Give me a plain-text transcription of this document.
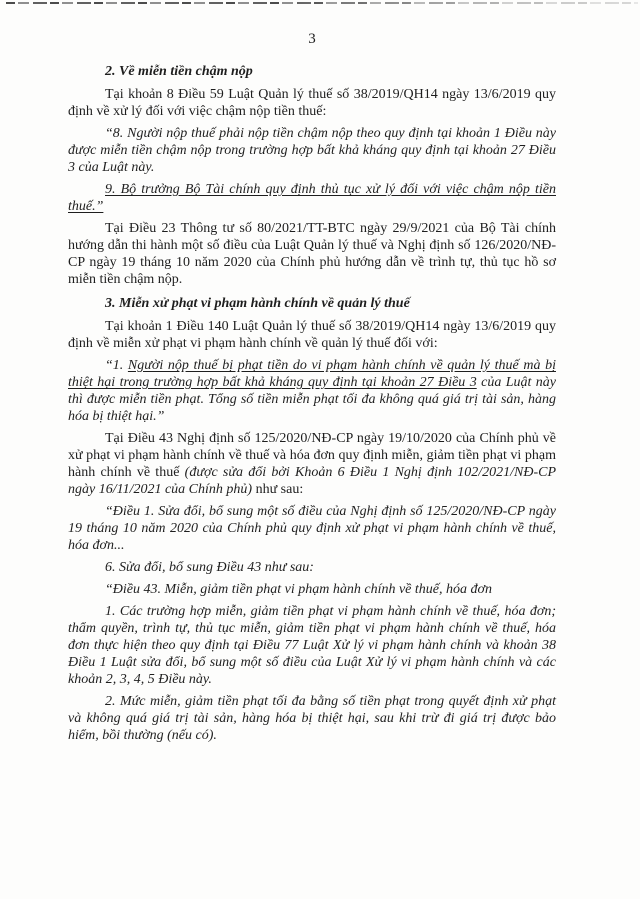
3

2. Về miễn tiền chậm nộp

Tại khoản 8 Điều 59 Luật Quản lý thuế số 38/2019/QH14 ngày 13/6/2019 quy định về xử lý đối với việc chậm nộp tiền thuế:

“8. Người nộp thuế phải nộp tiền chậm nộp theo quy định tại khoản 1 Điều này được miễn tiền chậm nộp trong trường hợp bất khả kháng quy định tại khoản 27 Điều 3 của Luật này.

9. Bộ trưởng Bộ Tài chính quy định thủ tục xử lý đối với việc chậm nộp tiền thuế.”

Tại Điều 23 Thông tư số 80/2021/TT-BTC ngày 29/9/2021 của Bộ Tài chính hướng dẫn thi hành một số điều của Luật Quản lý thuế và Nghị định số 126/2020/NĐ-CP ngày 19 tháng 10 năm 2020 của Chính phủ hướng dẫn về trình tự, thủ tục hồ sơ miễn tiền chậm nộp.

3. Miễn xử phạt vi phạm hành chính về quản lý thuế

Tại khoản 1 Điều 140 Luật Quản lý thuế số 38/2019/QH14 ngày 13/6/2019 quy định về miễn xử phạt vi phạm hành chính về quản lý thuế đối với:

“1. Người nộp thuế bị phạt tiền do vi phạm hành chính về quản lý thuế mà bị thiệt hại trong trường hợp bất khả kháng quy định tại khoản 27 Điều 3 của Luật này thì được miễn tiền phạt. Tổng số tiền miễn phạt tối đa không quá giá trị tài sản, hàng hóa bị thiệt hại.”

Tại Điều 43 Nghị định số 125/2020/NĐ-CP ngày 19/10/2020 của Chính phủ về xử phạt vi phạm hành chính về thuế và hóa đơn quy định miễn, giảm tiền phạt vi phạm hành chính về thuế (được sửa đổi bởi Khoản 6 Điều 1 Nghị định 102/2021/NĐ-CP ngày 16/11/2021 của Chính phủ) như sau:

“Điều 1. Sửa đổi, bổ sung một số điều của Nghị định số 125/2020/NĐ-CP ngày 19 tháng 10 năm 2020 của Chính phủ quy định xử phạt vi phạm hành chính về thuế, hóa đơn...

6. Sửa đổi, bổ sung Điều 43 như sau:

“Điều 43. Miễn, giảm tiền phạt vi phạm hành chính về thuế, hóa đơn

1. Các trường hợp miễn, giảm tiền phạt vi phạm hành chính về thuế, hóa đơn; thẩm quyền, trình tự, thủ tục miễn, giảm tiền phạt vi phạm hành chính về thuế, hóa đơn thực hiện theo quy định tại Điều 77 Luật Xử lý vi phạm hành chính và khoản 38 Điều 1 Luật sửa đổi, bổ sung một số điều của Luật Xử lý vi phạm hành chính và các khoản 2, 3, 4, 5 Điều này.

2. Mức miễn, giảm tiền phạt tối đa bằng số tiền phạt trong quyết định xử phạt và không quá giá trị tài sản, hàng hóa bị thiệt hại, sau khi trừ đi giá trị được bảo hiểm, bồi thường (nếu có).
